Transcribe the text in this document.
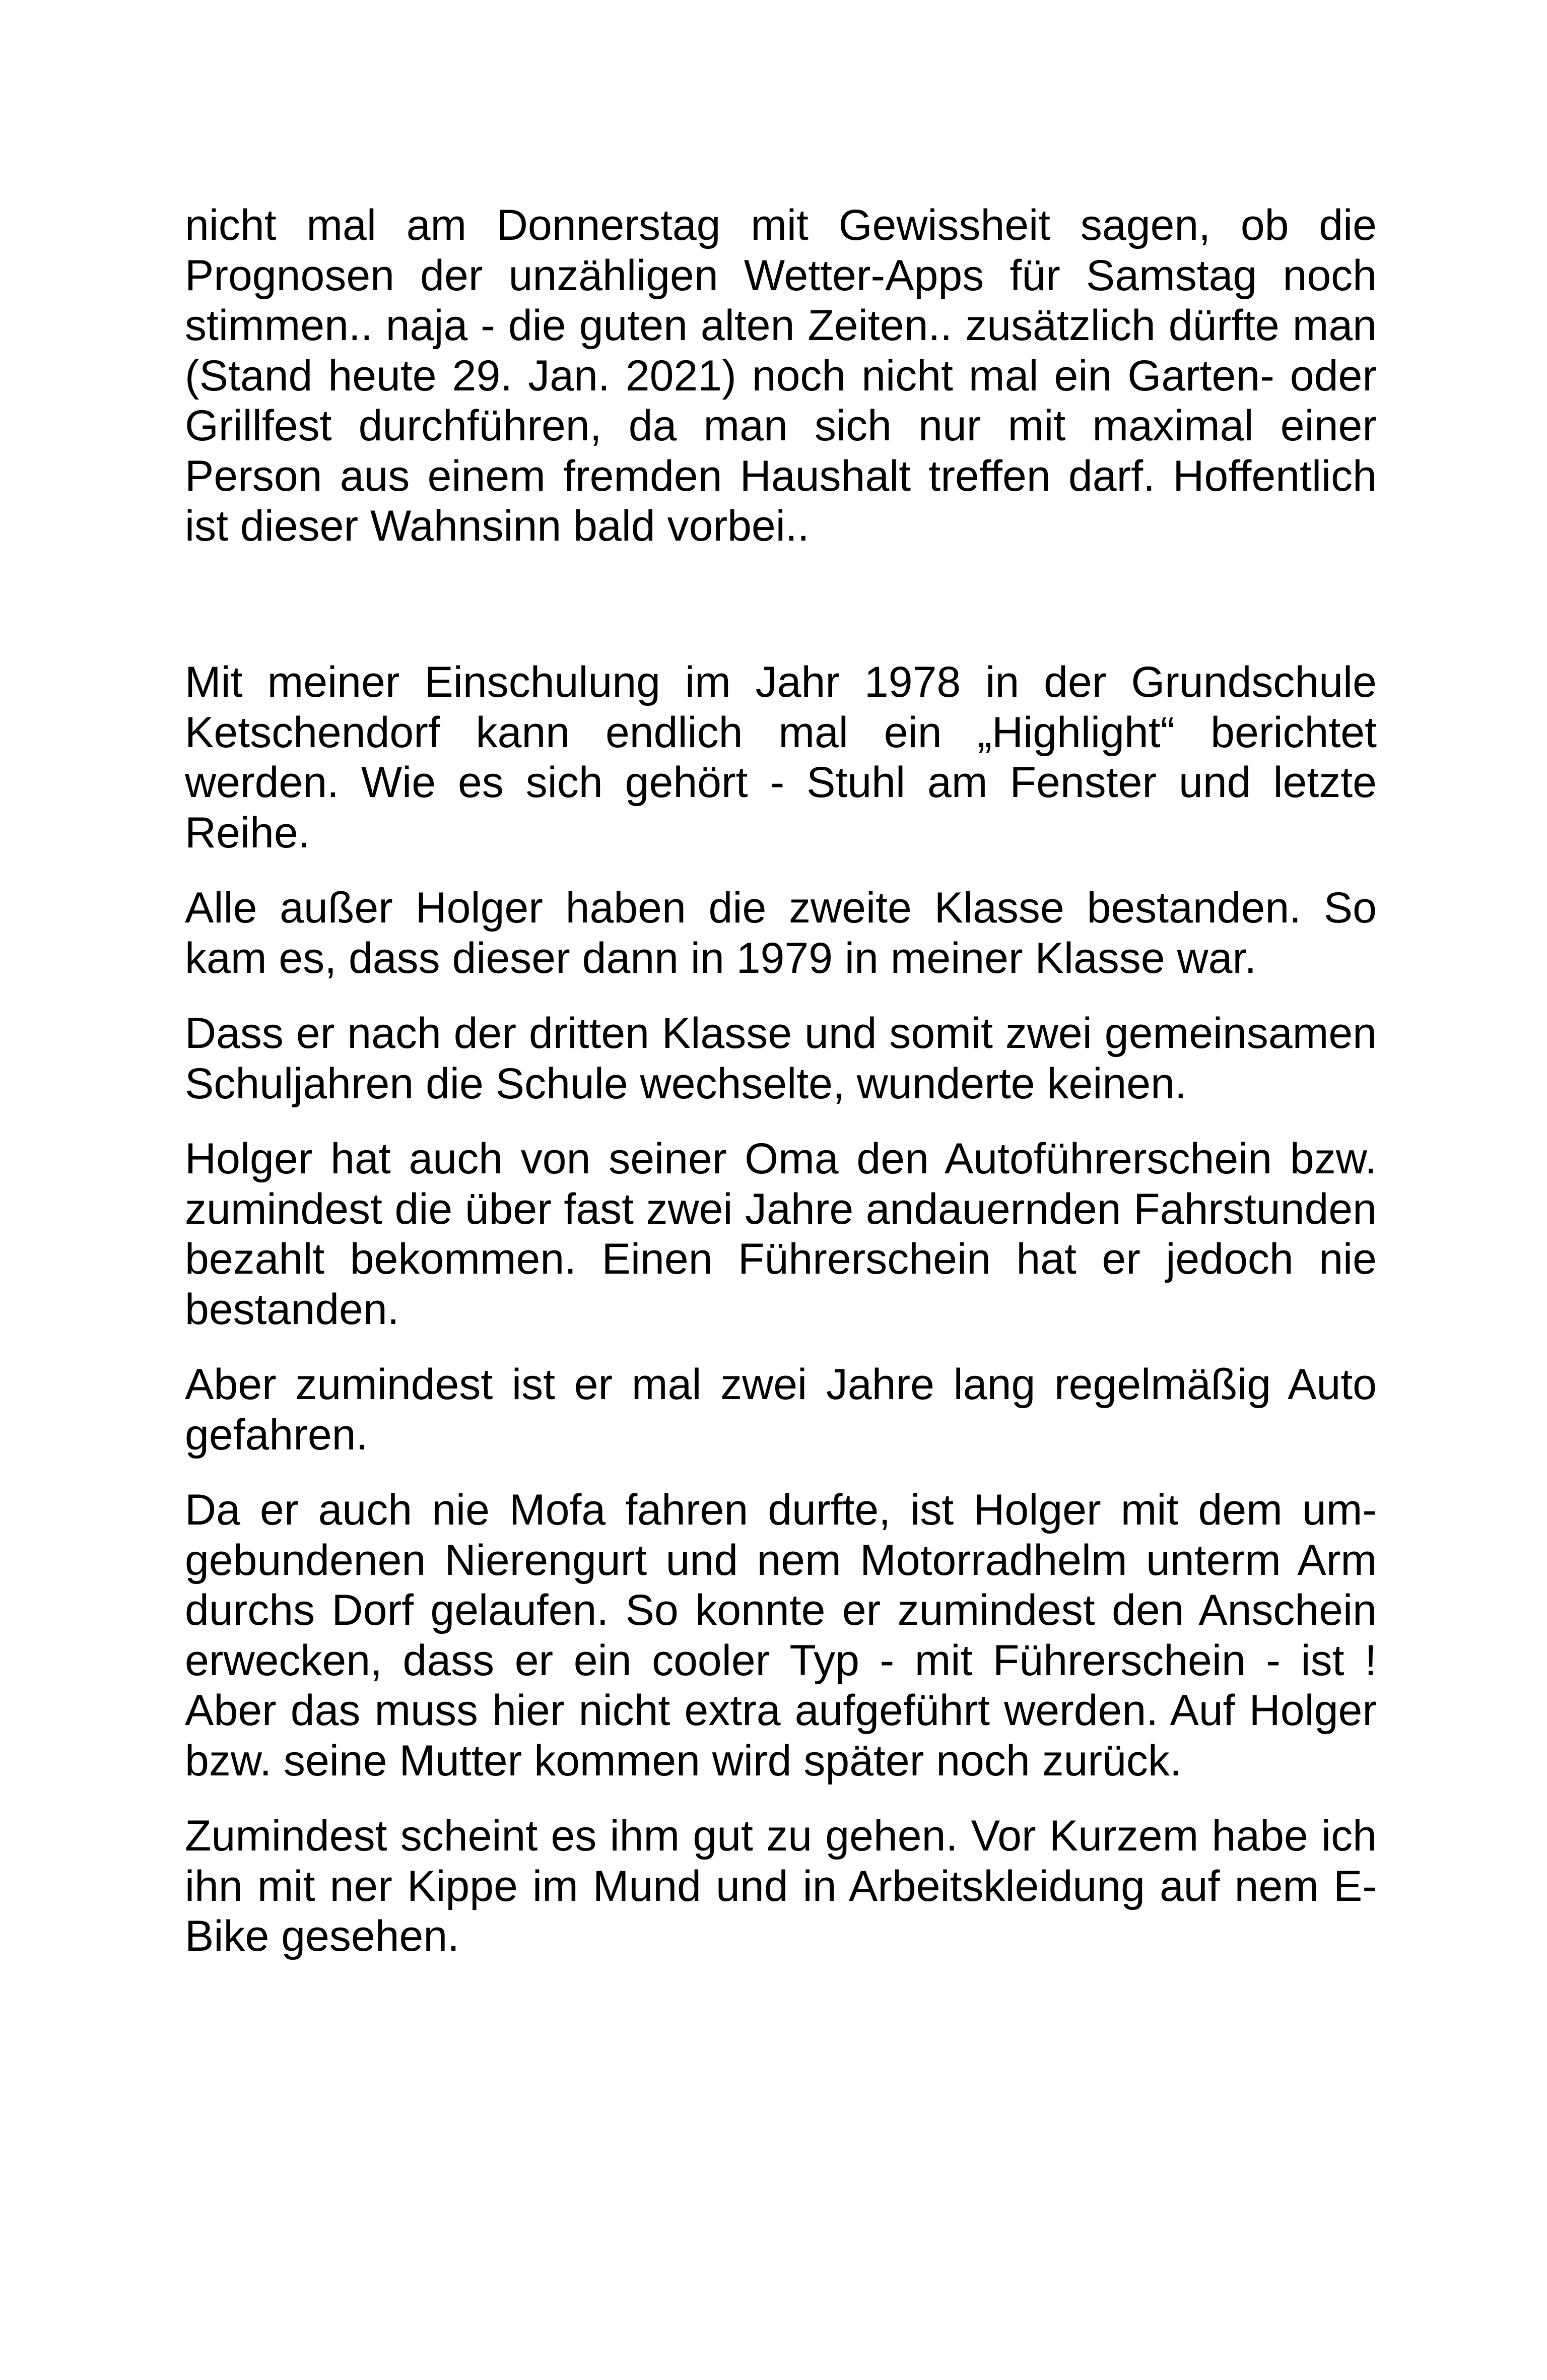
nicht mal am Donnerstag mit Gewissheit sagen, ob die Prognosen der unzähligen Wetter-Apps für Samstag noch stimmen.. naja - die guten alten Zeiten.. zusätzlich dürfte man (Stand heute 29. Jan. 2021) noch nicht mal ein Garten- oder Grillfest durchführen, da man sich nur mit maximal einer Person aus einem fremden Haushalt treffen darf. Hoffentlich ist dieser Wahnsinn bald vorbei..

Mit meiner Einschulung im Jahr 1978 in der Grundschule Ketschendorf kann endlich mal ein „Highlight“ berichtet werden. Wie es sich gehört - Stuhl am Fenster und letzte Reihe.

Alle außer Holger haben die zweite Klasse bestanden. So kam es, dass dieser dann in 1979 in meiner Klasse war.

Dass er nach der dritten Klasse und somit zwei gemeinsamen Schuljahren die Schule wechselte, wunderte keinen.

Holger hat auch von seiner Oma den Autoführerschein bzw. zumindest die über fast zwei Jahre andauernden Fahrstunden bezahlt bekommen. Einen Führerschein hat er jedoch nie bestanden.

Aber zumindest ist er mal zwei Jahre lang regelmäßig Auto gefahren.

Da er auch nie Mofa fahren durfte, ist Holger mit dem umgebundenen Nierengurt und nem Motorradhelm unterm Arm durchs Dorf gelaufen. So konnte er zumindest den Anschein erwecken, dass er ein cooler Typ - mit Führerschein - ist ! Aber das muss hier nicht extra aufgeführt werden. Auf Holger bzw. seine Mutter kommen wird später noch zurück.

Zumindest scheint es ihm gut zu gehen. Vor Kurzem habe ich ihn mit ner Kippe im Mund und in Arbeitskleidung auf nem E-Bike gesehen.
